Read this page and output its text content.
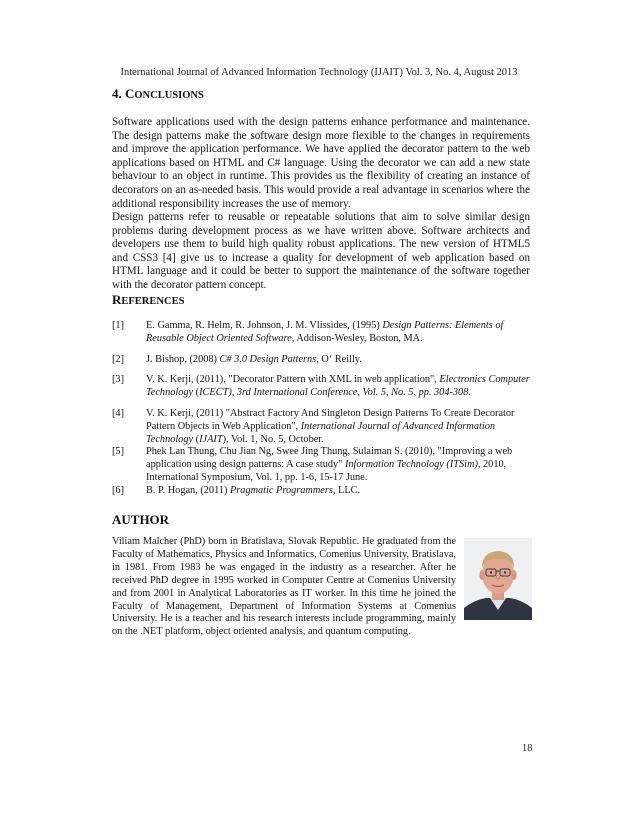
International Journal of Advanced Information Technology (IJAIT) Vol. 3, No. 4, August 2013
4. CONCLUSIONS

Software applications used with the design patterns enhance performance and maintenance. The design patterns make the software design more flexible to the changes in requirements and improve the application performance. We have applied the decorator pattern to the web applications based on HTML and C# language. Using the decorator we can add a new state behaviour to an object in runtime. This provides us the flexibility of creating an instance of decorators on an as-needed basis. This would provide a real advantage in scenarios where the additional responsibility increases the use of memory.

Design patterns refer to reusable or repeatable solutions that aim to solve similar design problems during development process as we have written above. Software architects and developers use them to build high quality robust applications. The new version of HTML5 and CSS3 [4] give us to increase a quality for development of web application based on HTML language and it could be better to support the maintenance of the software together with the decorator pattern concept.

REFERENCES
[1] E. Gamma, R. Helm, R. Johnson, J. M. Vlissides, (1995) Design Patterns: Elements of Reusable Object Oriented Software, Addison-Wesley, Boston, MA.
[2] J. Bishop, (2008) C# 3.0 Design Patterns, O‘ Reilly.
[3] V. K. Kerji, (2011), "Decorator Pattern with XML in web application", Electronics Computer Technology (ICECT), 3rd International Conference, Vol. 5, No. 5, pp. 304-308.
[4] V. K. Kerji, (2011) "Abstract Factory And Singleton Design Patterns To Create Decorator Pattern Objects in Web Application", International Journal of Advanced Information Technology (IJAIT), Vol. 1, No. 5, October.
[5] Phek Lan Thung, Chu Jian Ng, Swee Jing Thung, Sulaiman S. (2010), "Improving a web application using design patterns: A case study" Information Technology (ITSim), 2010, International Symposium, Vol. 1, pp. 1-6, 15-17 June.
[6] B. P. Hogan, (2011) Pragmatic Programmers, LLC.
AUTHOR

Viliam Malcher (PhD) born in Bratislava, Slovak Republic. He graduated from the Faculty of Mathematics, Physics and Informatics, Comenius University, Bratislava, in 1981. From 1983 he was engaged in the industry as a researcher. After he received PhD degree in 1995 worked in Computer Centre at Comenius University and from 2001 in Analytical Laboratories as IT worker. In this time he joined the Faculty of Management, Department of Information Systems at Comenius University. He is a teacher and his research interests include programming, mainly on the .NET platform, object oriented analysis, and quantum computing.

18
